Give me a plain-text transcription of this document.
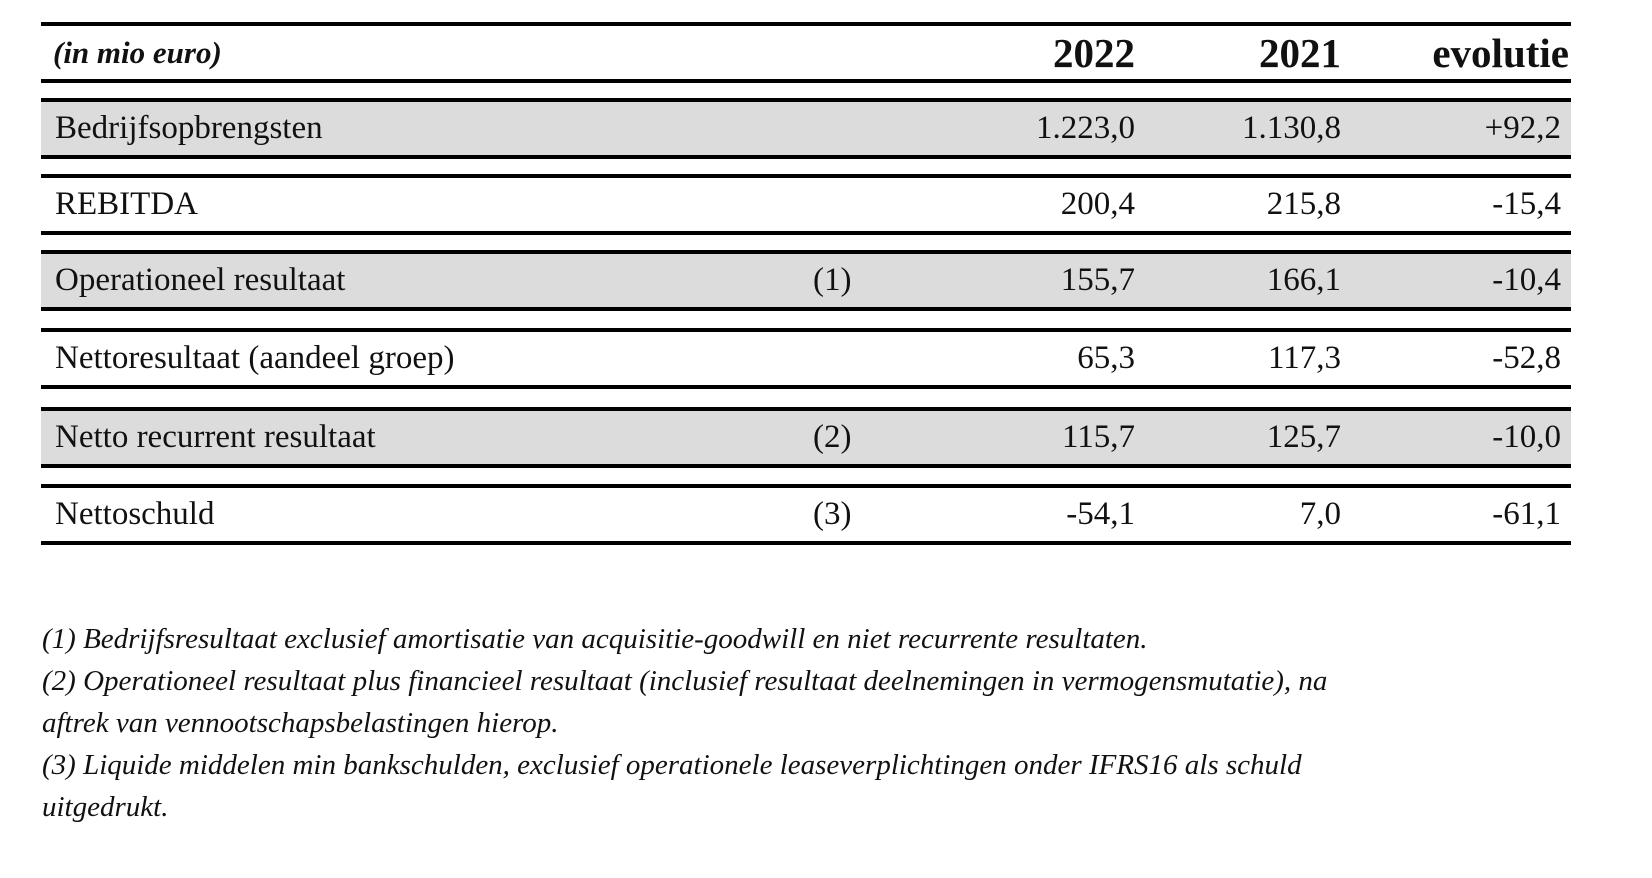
(in mio euro)	2022	2021	evolutie
Bedrijfsopbrengsten	1.223,0	1.130,8	+92,2
REBITDA	200,4	215,8	-15,4
Operationeel resultaat	(1)	155,7	166,1	-10,4
Nettoresultaat (aandeel groep)	65,3	117,3	-52,8
Netto recurrent resultaat	(2)	115,7	125,7	-10,0
Nettoschuld	(3)	-54,1	7,0	-61,1

(1) Bedrijfsresultaat exclusief amortisatie van acquisitie-goodwill en niet recurrente resultaten.

(2) Operationeel resultaat plus financieel resultaat (inclusief resultaat deelnemingen in vermogensmutatie), na

aftrek van vennootschapsbelastingen hierop.

(3) Liquide middelen min bankschulden, exclusief operationele leaseverplichtingen onder IFRS16 als schuld

uitgedrukt.
